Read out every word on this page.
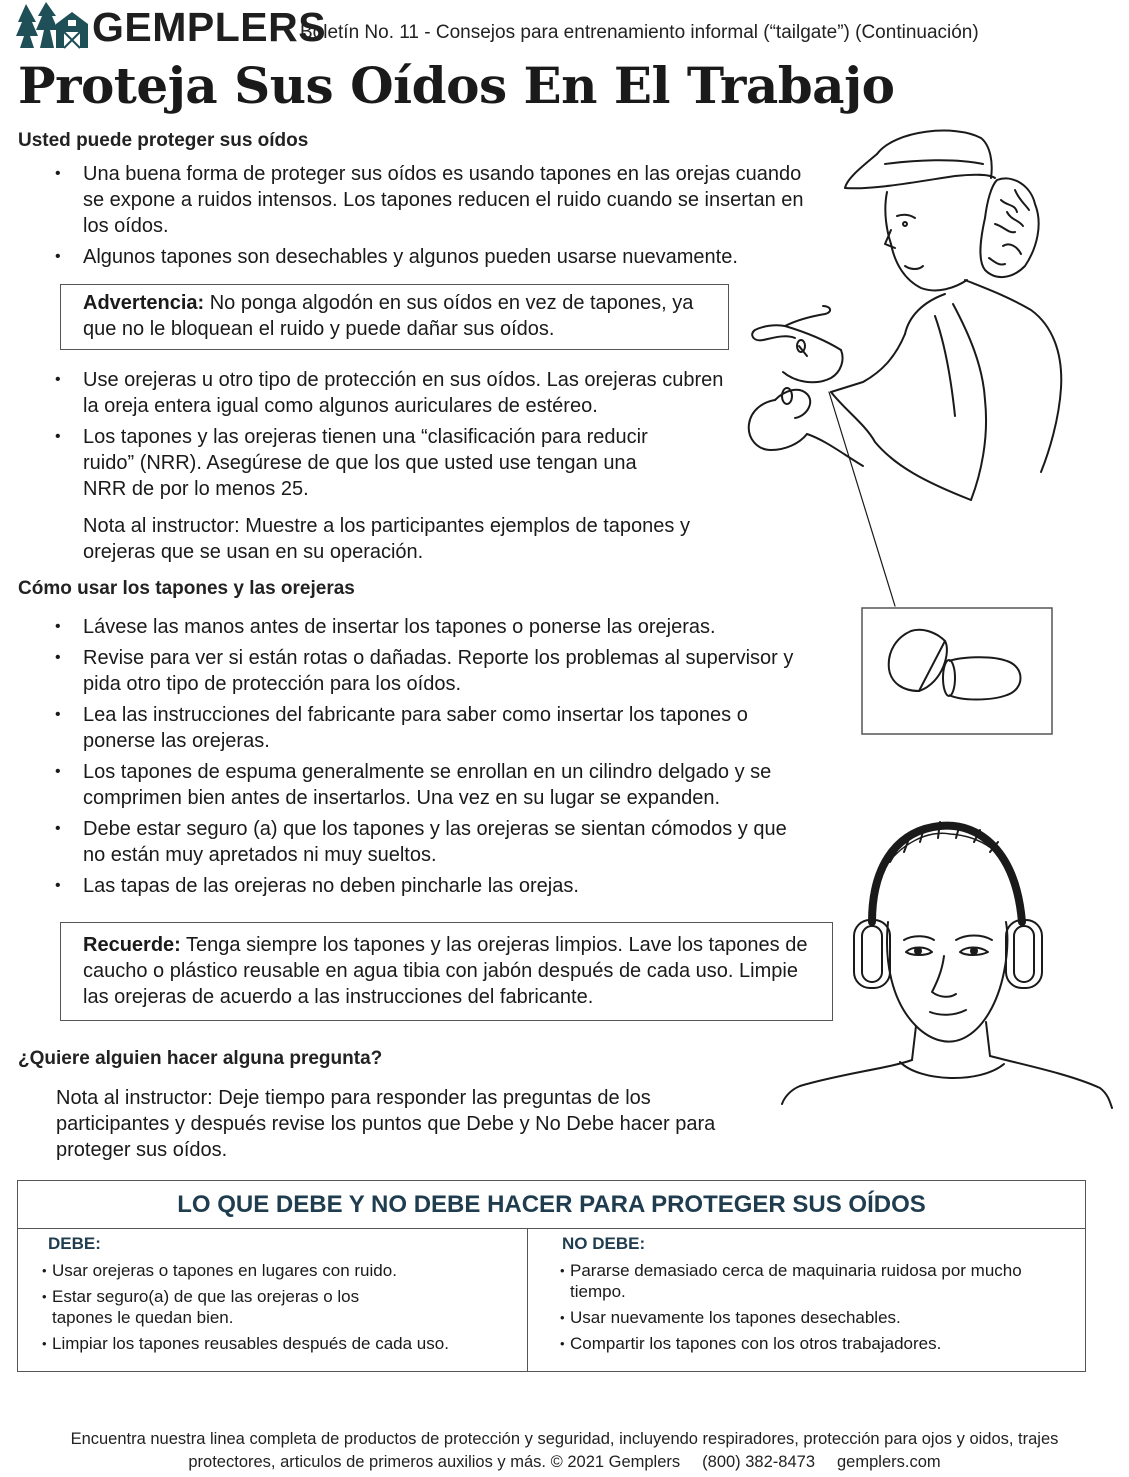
GEMPLERS
Boletín No. 11 - Consejos para entrenamiento informal (“tailgate”) (Continuación)
Proteja Sus Oídos En El Trabajo
Usted puede proteger sus oídos
• Una buena forma de proteger sus oídos es usando tapones en las orejas cuando se expone a ruidos intensos. Los tapones reducen el ruido cuando se insertan en los oídos.
• Algunos tapones son desechables y algunos pueden usarse nuevamente.
Advertencia: No ponga algodón en sus oídos en vez de tapones, ya que no le bloquean el ruido y puede dañar sus oídos.
• Use orejeras u otro tipo de protección en sus oídos. Las orejeras cubren la oreja entera igual como algunos auriculares de estéreo.
• Los tapones y las orejeras tienen una “clasificación para reducir ruido” (NRR). Asegúrese de que los que usted use tengan una NRR de por lo menos 25.
Nota al instructor: Muestre a los participantes ejemplos de tapones y orejeras que se usan en su operación.
Cómo usar los tapones y las orejeras
• Lávese las manos antes de insertar los tapones o ponerse las orejeras.
• Revise para ver si están rotas o dañadas. Reporte los problemas al supervisor y pida otro tipo de protección para los oídos.
• Lea las instrucciones del fabricante para saber como insertar los tapones o ponerse las orejeras.
• Los tapones de espuma generalmente se enrollan en un cilindro delgado y se comprimen bien antes de insertarlos. Una vez en su lugar se expanden.
• Debe estar seguro (a) que los tapones y las orejeras se sientan cómodos y que no están muy apretados ni muy sueltos.
• Las tapas de las orejeras no deben pincharle las orejas.
Recuerde: Tenga siempre los tapones y las orejeras limpios. Lave los tapones de caucho o plástico reusable en agua tibia con jabón después de cada uso. Limpie las orejeras de acuerdo a las instrucciones del fabricante.
¿Quiere alguien hacer alguna pregunta?
Nota al instructor: Deje tiempo para responder las preguntas de los participantes y después revise los puntos que Debe y No Debe hacer para proteger sus oídos.
LO QUE DEBE Y NO DEBE HACER PARA PROTEGER SUS OÍDOS
DEBE:
• Usar orejeras o tapones en lugares con ruido.
• Estar seguro(a) de que las orejeras o los tapones le quedan bien.
• Limpiar los tapones reusables después de cada uso.
NO DEBE:
• Pararse demasiado cerca de maquinaria ruidosa por mucho tiempo.
• Usar nuevamente los tapones desechables.
• Compartir los tapones con los otros trabajadores.
Encuentra nuestra linea completa de productos de protección y seguridad, incluyendo respiradores, protección para ojos y oidos, trajes
protectores, articulos de primeros auxilios y más. © 2021 Gemplers (800) 382-8473 gemplers.com
